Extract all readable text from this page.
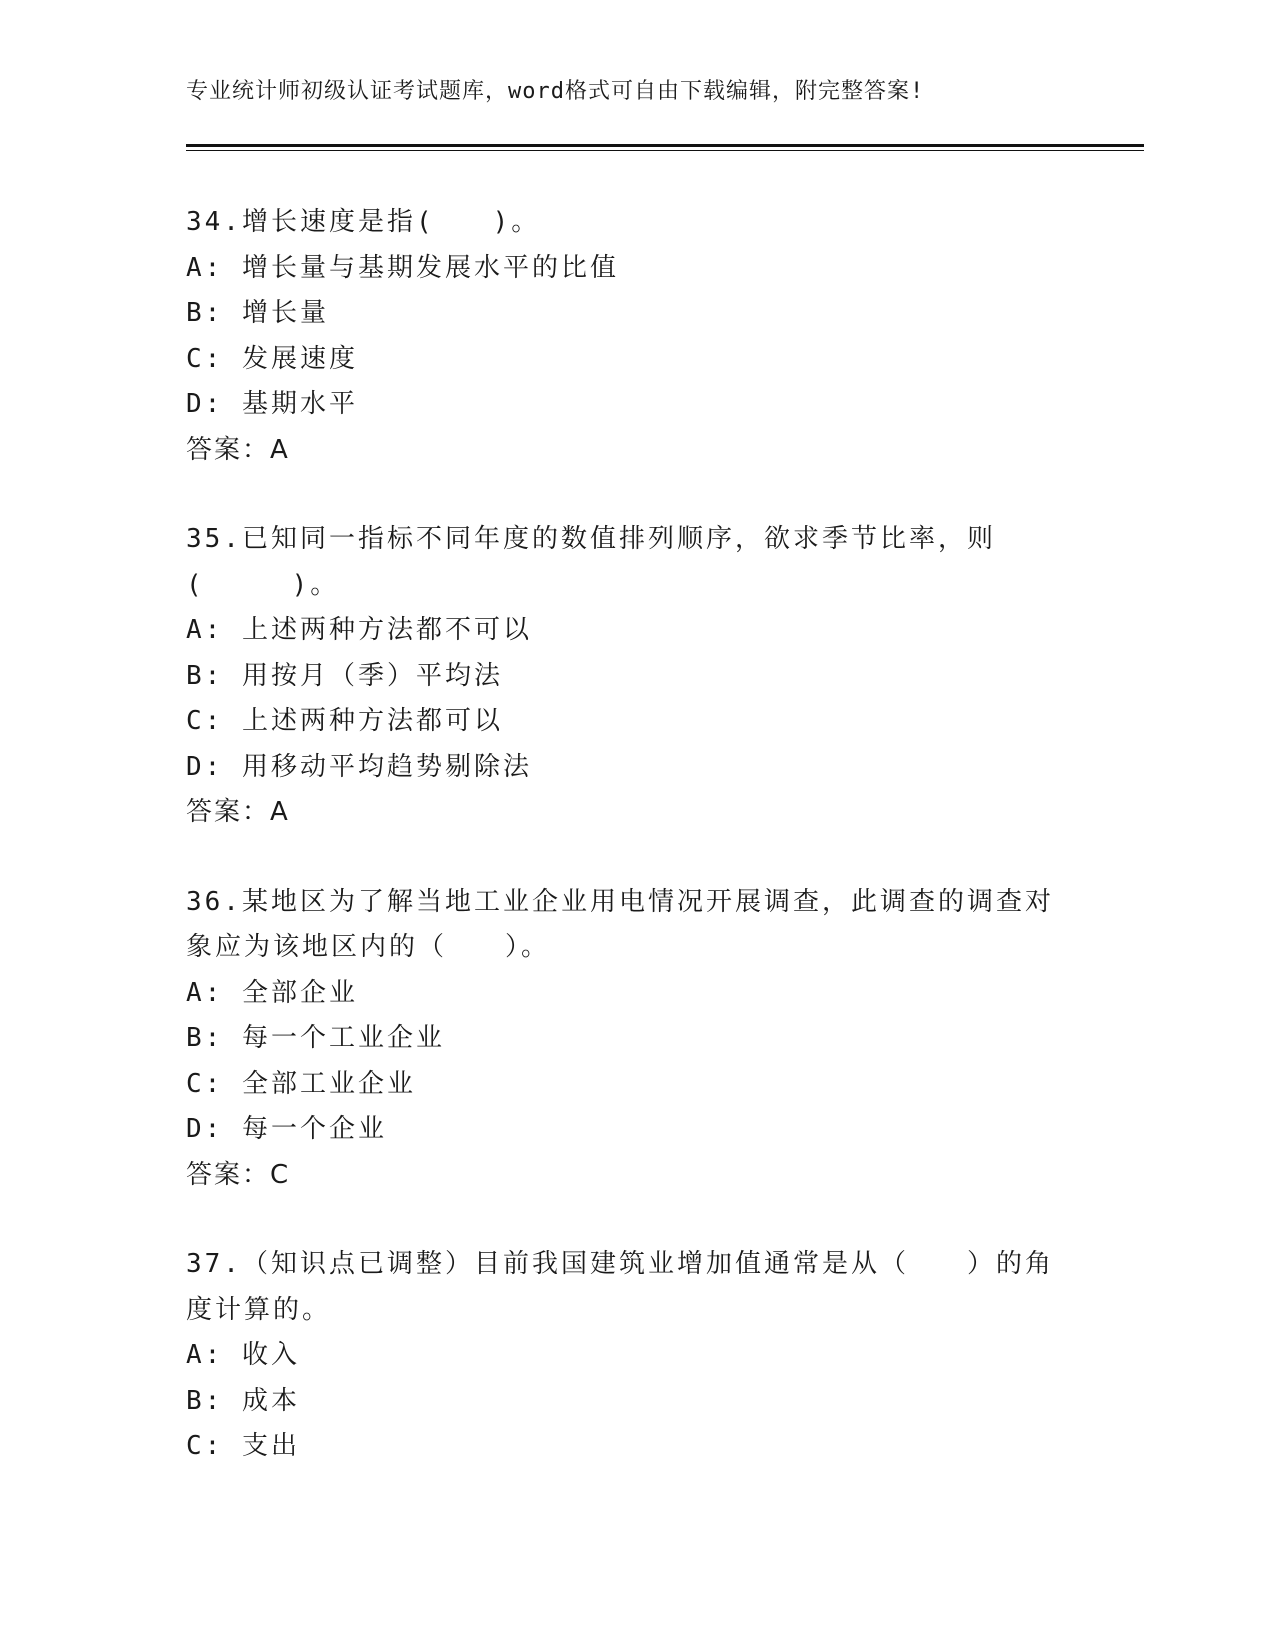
专业统计师初级认证考试题库，word格式可自由下载编辑，附完整答案!
34.增长速度是指(　　)。
A: 增长量与基期发展水平的比值
B: 增长量
C: 发展速度
D: 基期水平
答案：A
35.已知同一指标不同年度的数值排列顺序，欲求季节比率，则(　　　)。
A: 上述两种方法都不可以
B: 用按月（季）平均法
C: 上述两种方法都可以
D: 用移动平均趋势剔除法
答案：A
36.某地区为了解当地工业企业用电情况开展调查，此调查的调查对象应为该地区内的（　　）。
A: 全部企业
B: 每一个工业企业
C: 全部工业企业
D: 每一个企业
答案：C
37.（知识点已调整）目前我国建筑业增加值通常是从（　　）的角度计算的。
A: 收入
B: 成本
C: 支出
